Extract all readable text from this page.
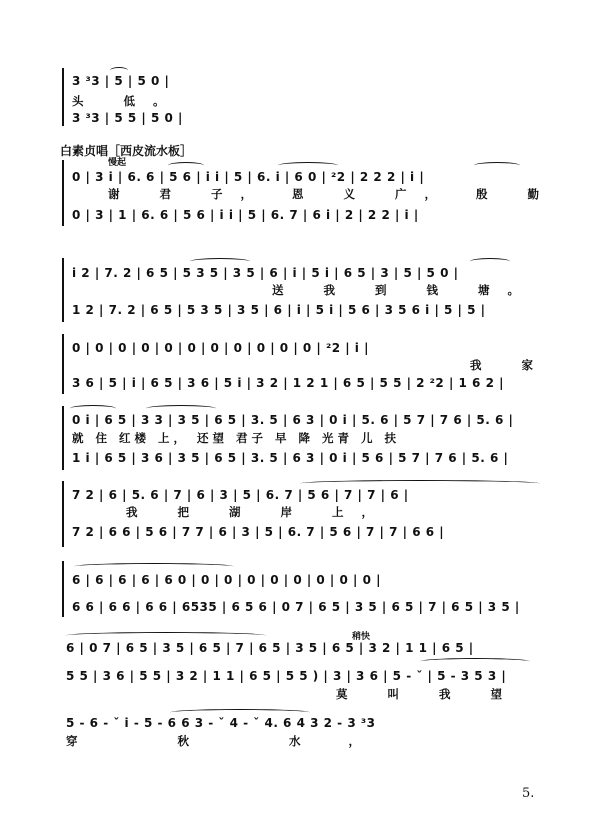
3 ³3 | 5 | 5 0 |
头 低。
3 ³3 | 5 5 | 5 0 |
白素贞唱［西皮流水板］
慢起
0 | 3 i | 6. 6 | 5 6 | i i | 5 | 6. i | 6 0 | ²2 | 2 2 2 | i |
谢 君 子， 恩 义 广， 殷 勤
0 | 3 | 1 | 6. 6 | 5 6 | i i | 5 | 6. 7 | 6 i | 2 | 2 2 | i |
i 2 | 7. 2 | 6 5 | 5 3 5 | 3 5 | 6 | i | 5 i | 6 5 | 3 | 5 | 5 0 |
送 我 到 钱 塘。
1 2 | 7. 2 | 6 5 | 5 3 5 | 3 5 | 6 | i | 5 i | 5 6 | 3 5 6 i | 5 | 5 |
0 | 0 | 0 | 0 | 0 | 0 | 0 | 0 | 0 | 0 | 0 | ²2 | i |
我 家
3 6 | 5 | i | 6 5 | 3 6 | 5 i | 3 2 | 1 2 1 | 6 5 | 5 5 | 2 ²2 | 1 6 2 |
0 i | 6 5 | 3 3 | 3 5 | 6 5 | 3. 5 | 6 3 | 0 i | 5. 6 | 5 7 | 7 6 | 5. 6 |
就 住 红楼 上， 还望 君子 早 降 光青 儿 扶
1 i | 6 5 | 3 6 | 3 5 | 6 5 | 3. 5 | 6 3 | 0 i | 5 6 | 5 7 | 7 6 | 5. 6 |
7 2 | 6 | 5. 6 | 7 | 6 | 3 | 5 | 6. 7 | 5 6 | 7 | 7 | 6 |
我 把 湖 岸 上，
7 2 | 6 6 | 5 6 | 7 7 | 6 | 3 | 5 | 6. 7 | 5 6 | 7 | 7 | 6 6 |
6 | 6 | 6 | 6 | 6 0 | 0 | 0 | 0 | 0 | 0 | 0 | 0 | 0 |
6 6 | 6 6 | 6 6 | 6535 | 6 5 6 | 0 7 | 6 5 | 3 5 | 6 5 | 7 | 6 5 | 3 5 |
稍快
6 | 0 7 | 6 5 | 3 5 | 6 5 | 7 | 6 5 | 3 5 | 6 5 | 3 2 | 1 1 | 6 5 |
5 5 | 3 6 | 5 5 | 3 2 | 1 1 | 6 5 | 5 5 ) | 3 | 3 6 | 5 - ˇ | 5 - 3 5 3 |
莫 叫 我 望
5 - 6 - ˇ i - 5 - 6 6 3 - ˇ 4 - ˇ 4. 6 4 3 2 - 3 ³3
穿 秋 水，
5.
